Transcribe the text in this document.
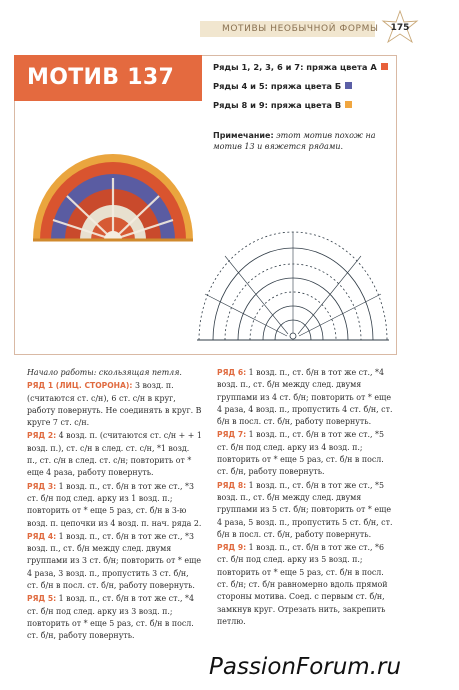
МОТИВЫ НЕОБЫЧНОЙ ФОРМЫ 175
МОТИВ 137	Ряды 1, 2, 3, 6 и 7: пряжа цвета А
Ряды 4 и 5: пряжа цвета Б
Ряды 8 и 9: пряжа цвета В
Примечание: этот мотив похож на мотив 13 и вяжется рядами.

Начало работы: скользящая петля.

РЯД 1 (ЛИЦ. СТОРОНА): 3 возд. п. (считаются ст. с/н), 6 ст. с/н в круг, работу повернуть. Не соединять в круг. В круге 7 ст. с/н.

РЯД 2: 4 возд. п. (считаются ст. с/н + + 1 возд. п.), ст. с/н в след. ст. с/н, *1 возд. п., ст. с/н в след. ст. с/н; повторить от * еще 4 раза, работу повернуть.

РЯД 3: 1 возд. п., ст. б/н в тот же ст., *3 ст. б/н под след. арку из 1 возд. п.; повторить от * еще 5 раз, ст. б/н в 3-ю возд. п. цепочки из 4 возд. п. нач. ряда 2.

РЯД 4: 1 возд. п., ст. б/н в тот же ст., *3 возд. п., ст. б/н между след. двумя группами из 3 ст. б/н; повторить от * еще 4 раза, 3 возд. п., пропустить 3 ст. б/н, ст. б/н в посл. ст. б/н, работу повернуть.

РЯД 5: 1 возд. п., ст. б/н в тот же ст., *4 ст. б/н под след. арку из 3 возд. п.; повторить от * еще 5 раз, ст. б/н в посл. ст. б/н, работу повернуть.

РЯД 6: 1 возд. п., ст. б/н в тот же ст., *4 возд. п., ст. б/н между след. двумя группами из 4 ст. б/н; повторить от * еще 4 раза, 4 возд. п., пропустить 4 ст. б/н, ст. б/н в посл. ст. б/н, работу повернуть.

РЯД 7: 1 возд. п., ст. б/н в тот же ст., *5 ст. б/н под след. арку из 4 возд. п.; повторить от * еще 5 раз, ст. б/н в посл. ст. б/н, работу повернуть.

РЯД 8: 1 возд. п., ст. б/н в тот же ст., *5 возд. п., ст. б/н между след. двумя группами из 5 ст. б/н; повторить от * еще 4 раза, 5 возд. п., пропустить 5 ст. б/н, ст. б/н в посл. ст. б/н, работу повернуть.

РЯД 9: 1 возд. п., ст. б/н в тот же ст., *6 ст. б/н под след. арку из 5 возд. п.; повторить от * еще 5 раз, ст. б/н в посл. ст. б/н; ст. б/н равномерно вдоль прямой стороны мотива. Соед. с первым ст. б/н, замкнув круг. Отрезать нить, закрепить петлю.

PassionForum.ru
